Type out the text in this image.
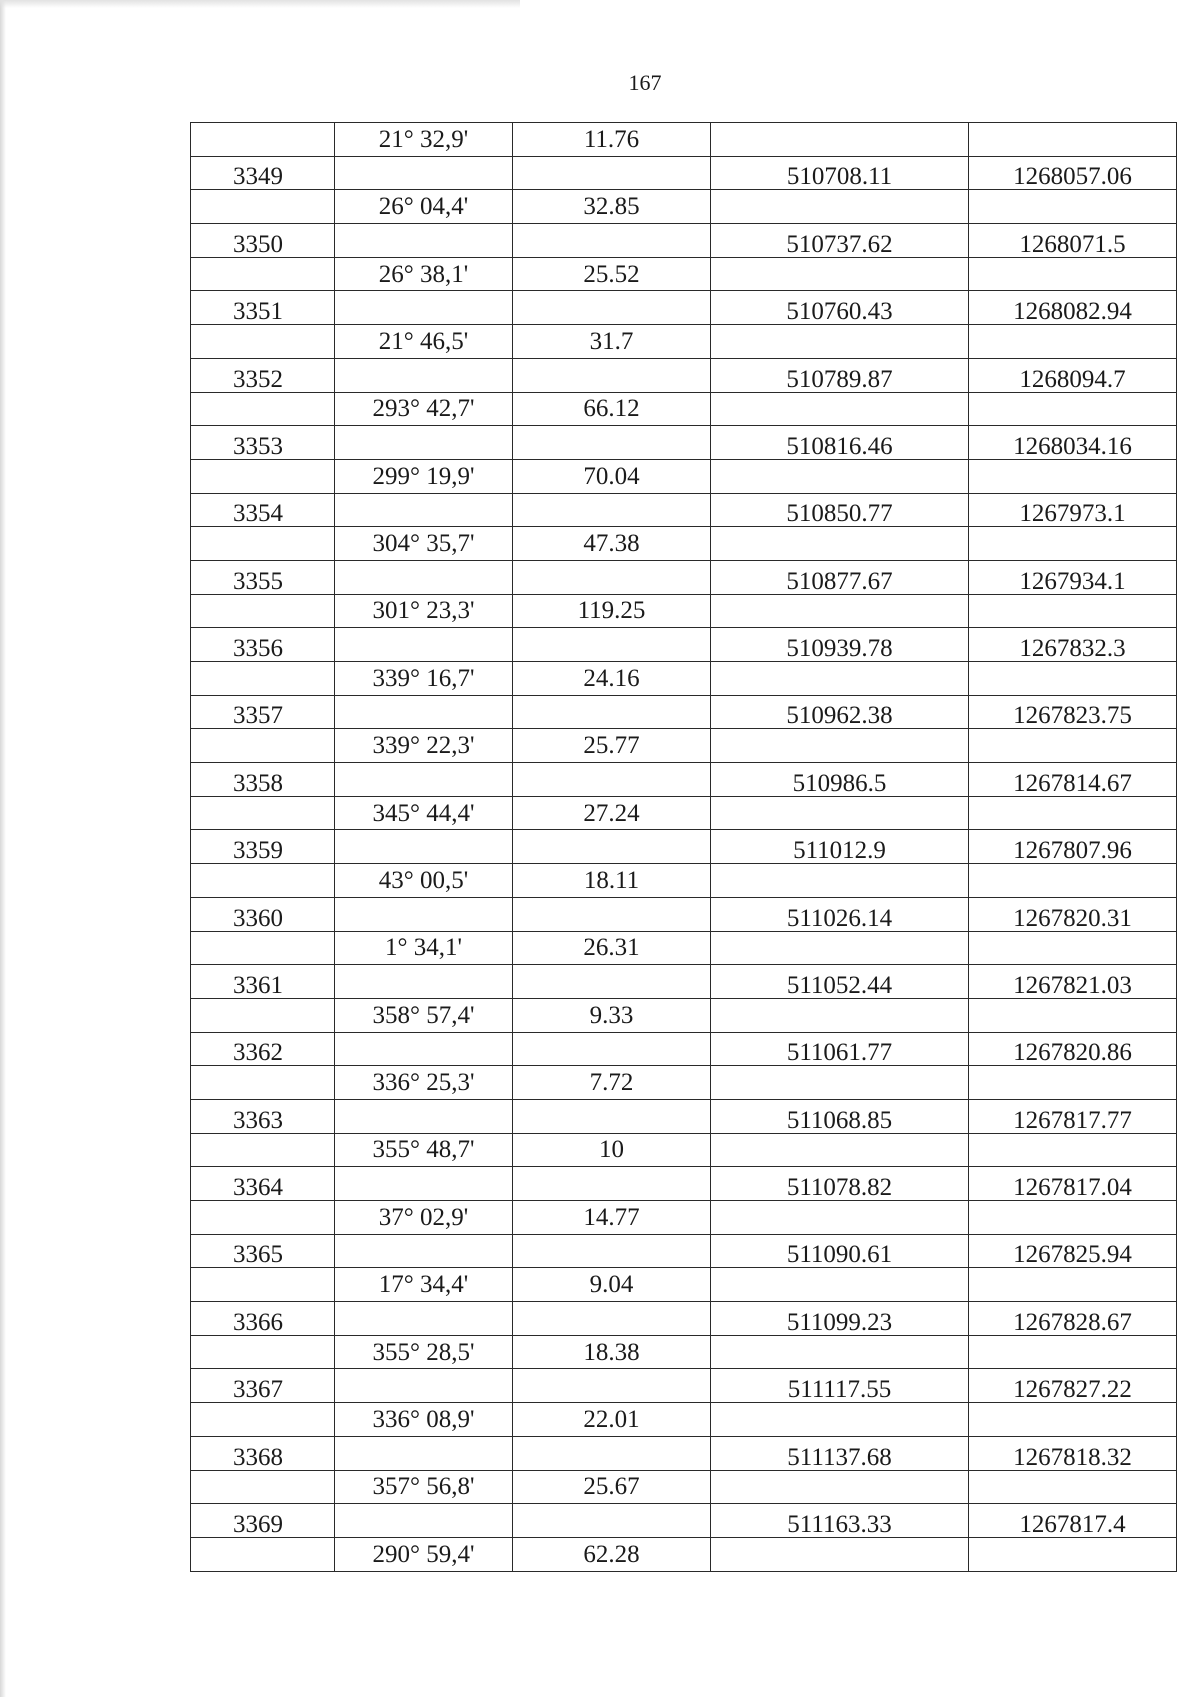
167
	21° 32,9'	11.76		
3349			510708.11	1268057.06
	26° 04,4'	32.85		
3350			510737.62	1268071.5
	26° 38,1'	25.52		
3351			510760.43	1268082.94
	21° 46,5'	31.7		
3352			510789.87	1268094.7
	293° 42,7'	66.12		
3353			510816.46	1268034.16
	299° 19,9'	70.04		
3354			510850.77	1267973.1
	304° 35,7'	47.38		
3355			510877.67	1267934.1
	301° 23,3'	119.25		
3356			510939.78	1267832.3
	339° 16,7'	24.16		
3357			510962.38	1267823.75
	339° 22,3'	25.77		
3358			510986.5	1267814.67
	345° 44,4'	27.24		
3359			511012.9	1267807.96
	43° 00,5'	18.11		
3360			511026.14	1267820.31
	1° 34,1'	26.31		
3361			511052.44	1267821.03
	358° 57,4'	9.33		
3362			511061.77	1267820.86
	336° 25,3'	7.72		
3363			511068.85	1267817.77
	355° 48,7'	10		
3364			511078.82	1267817.04
	37° 02,9'	14.77		
3365			511090.61	1267825.94
	17° 34,4'	9.04		
3366			511099.23	1267828.67
	355° 28,5'	18.38		
3367			511117.55	1267827.22
	336° 08,9'	22.01		
3368			511137.68	1267818.32
	357° 56,8'	25.67		
3369			511163.33	1267817.4
	290° 59,4'	62.28		
